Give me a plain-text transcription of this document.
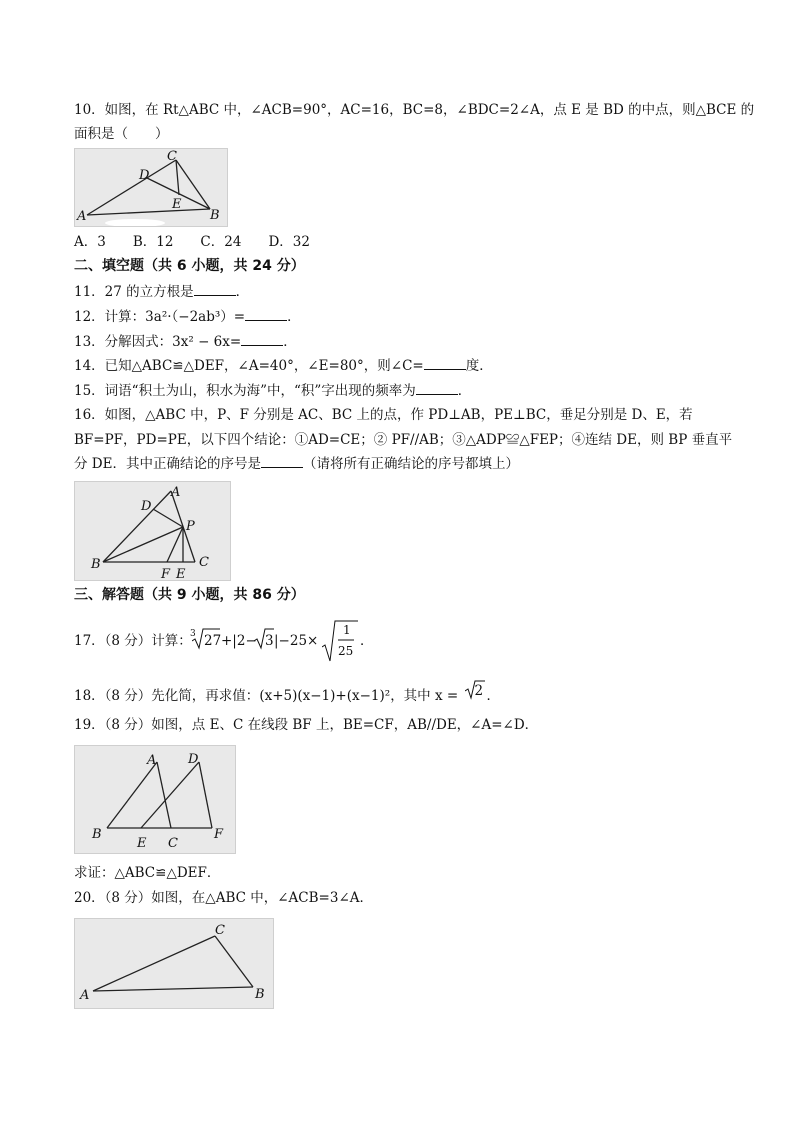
10．如图，在 Rt△ABC 中，∠ACB=90°，AC=16，BC=8，∠BDC=2∠A，点 E 是 BD 的中点，则△BCE 的
面积是（　　）
C
D
E
A	B
A．3　　B．12　　C．24　　D．32
二、填空题（共 6 小题，共 24 分）
11．27 的立方根是	．
12．计算：3a²·（−2ab³）=	．
13．分解因式：3x² − 6x=	．
14．已知△ABC≌△DEF，∠A=40°，∠E=80°，则∠C=	度．
15．词语“积土为山，积水为海”中，“积”字出现的频率为	．
16．如图，△ABC 中，P、F 分别是 AC、BC 上的点，作 PD⊥AB，PE⊥BC，垂足分别是 D、E，若
BF=PF，PD=PE，以下四个结论：①AD=CE；② PF//AB；③△ADP≌△FEP；④连结 DE，则 BP 垂直平
分 DE．其中正确结论的序号是	（请将所有正确结论的序号都填上）
A
D
P
B	C
F E
三、解答题（共 9 小题，共 86 分）
17．（8 分）计算：
3 27 +|2− 3 |−25×
1
25
．
18．（8 分）先化简，再求值：(x+5)(x−1)+(x−1)²，其中 x = 2 ．
19．（8 分）如图，点 E、C 在线段 BF 上，BE=CF，AB//DE，∠A=∠D．
A D
B
E C
F
求证：△ABC≌△DEF．
20．（8 分）如图，在△ABC 中，∠ACB=3∠A．
C
A	B
